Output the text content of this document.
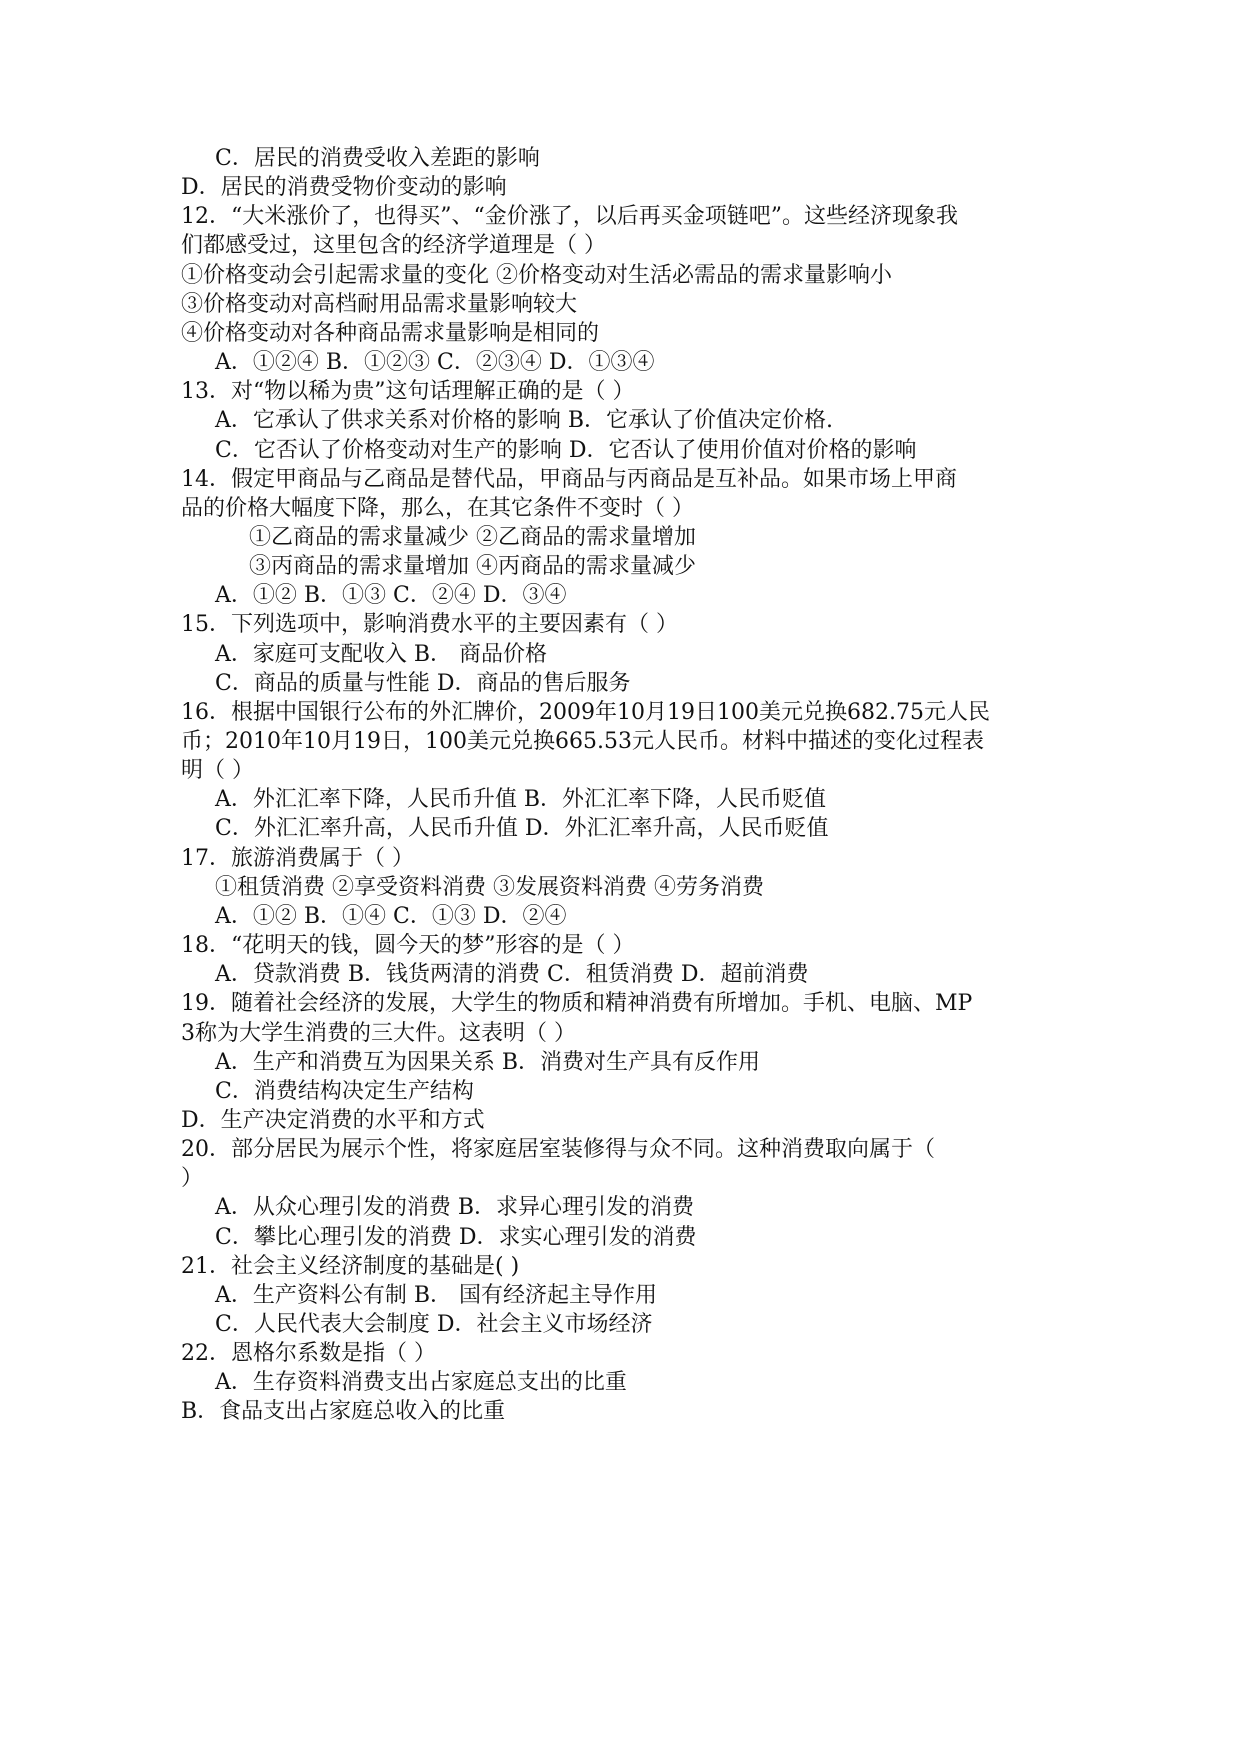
C．居民的消费受收入差距的影响
D．居民的消费受物价变动的影响
12．“大米涨价了，也得买”、“金价涨了，以后再买金项链吧”。这些经济现象我
们都感受过，这里包含的经济学道理是（ ）
①价格变动会引起需求量的变化 ②价格变动对生活必需品的需求量影响小
③价格变动对高档耐用品需求量影响较大
④价格变动对各种商品需求量影响是相同的
A．①②④ B．①②③ C．②③④ D．①③④
13．对“物以稀为贵”这句话理解正确的是（ ）
A．它承认了供求关系对价格的影响 B．它承认了价值决定价格.
C．它否认了价格变动对生产的影响 D．它否认了使用价值对价格的影响
14．假定甲商品与乙商品是替代品，甲商品与丙商品是互补品。如果市场上甲商
品的价格大幅度下降，那么，在其它条件不变时（ ）
①乙商品的需求量减少 ②乙商品的需求量增加
③丙商品的需求量增加 ④丙商品的需求量减少
A．①② B．①③ C．②④ D．③④
15．下列选项中，影响消费水平的主要因素有（ ）
A．家庭可支配收入 B． 商品价格
C．商品的质量与性能 D．商品的售后服务
16．根据中国银行公布的外汇牌价，2009年10月19日100美元兑换682.75元人民
币；2010年10月19日，100美元兑换665.53元人民币。材料中描述的变化过程表
明（ ）
A．外汇汇率下降，人民币升值 B．外汇汇率下降，人民币贬值
C．外汇汇率升高，人民币升值 D．外汇汇率升高，人民币贬值
17．旅游消费属于（ ）
①租赁消费 ②享受资料消费 ③发展资料消费 ④劳务消费
A．①② B．①④ C．①③ D．②④
18．“花明天的钱，圆今天的梦”形容的是（ ）
A．贷款消费 B．钱货两清的消费 C．租赁消费 D．超前消费
19．随着社会经济的发展，大学生的物质和精神消费有所增加。手机、电脑、MP
3称为大学生消费的三大件。这表明（ ）
A．生产和消费互为因果关系 B．消费对生产具有反作用
C．消费结构决定生产结构
D．生产决定消费的水平和方式
20．部分居民为展示个性，将家庭居室装修得与众不同。这种消费取向属于（
）
A．从众心理引发的消费 B．求异心理引发的消费
C．攀比心理引发的消费 D．求实心理引发的消费
21．社会主义经济制度的基础是( )
A．生产资料公有制 B． 国有经济起主导作用
C．人民代表大会制度 D．社会主义市场经济
22．恩格尔系数是指（ ）
A．生存资料消费支出占家庭总支出的比重
B．食品支出占家庭总收入的比重
